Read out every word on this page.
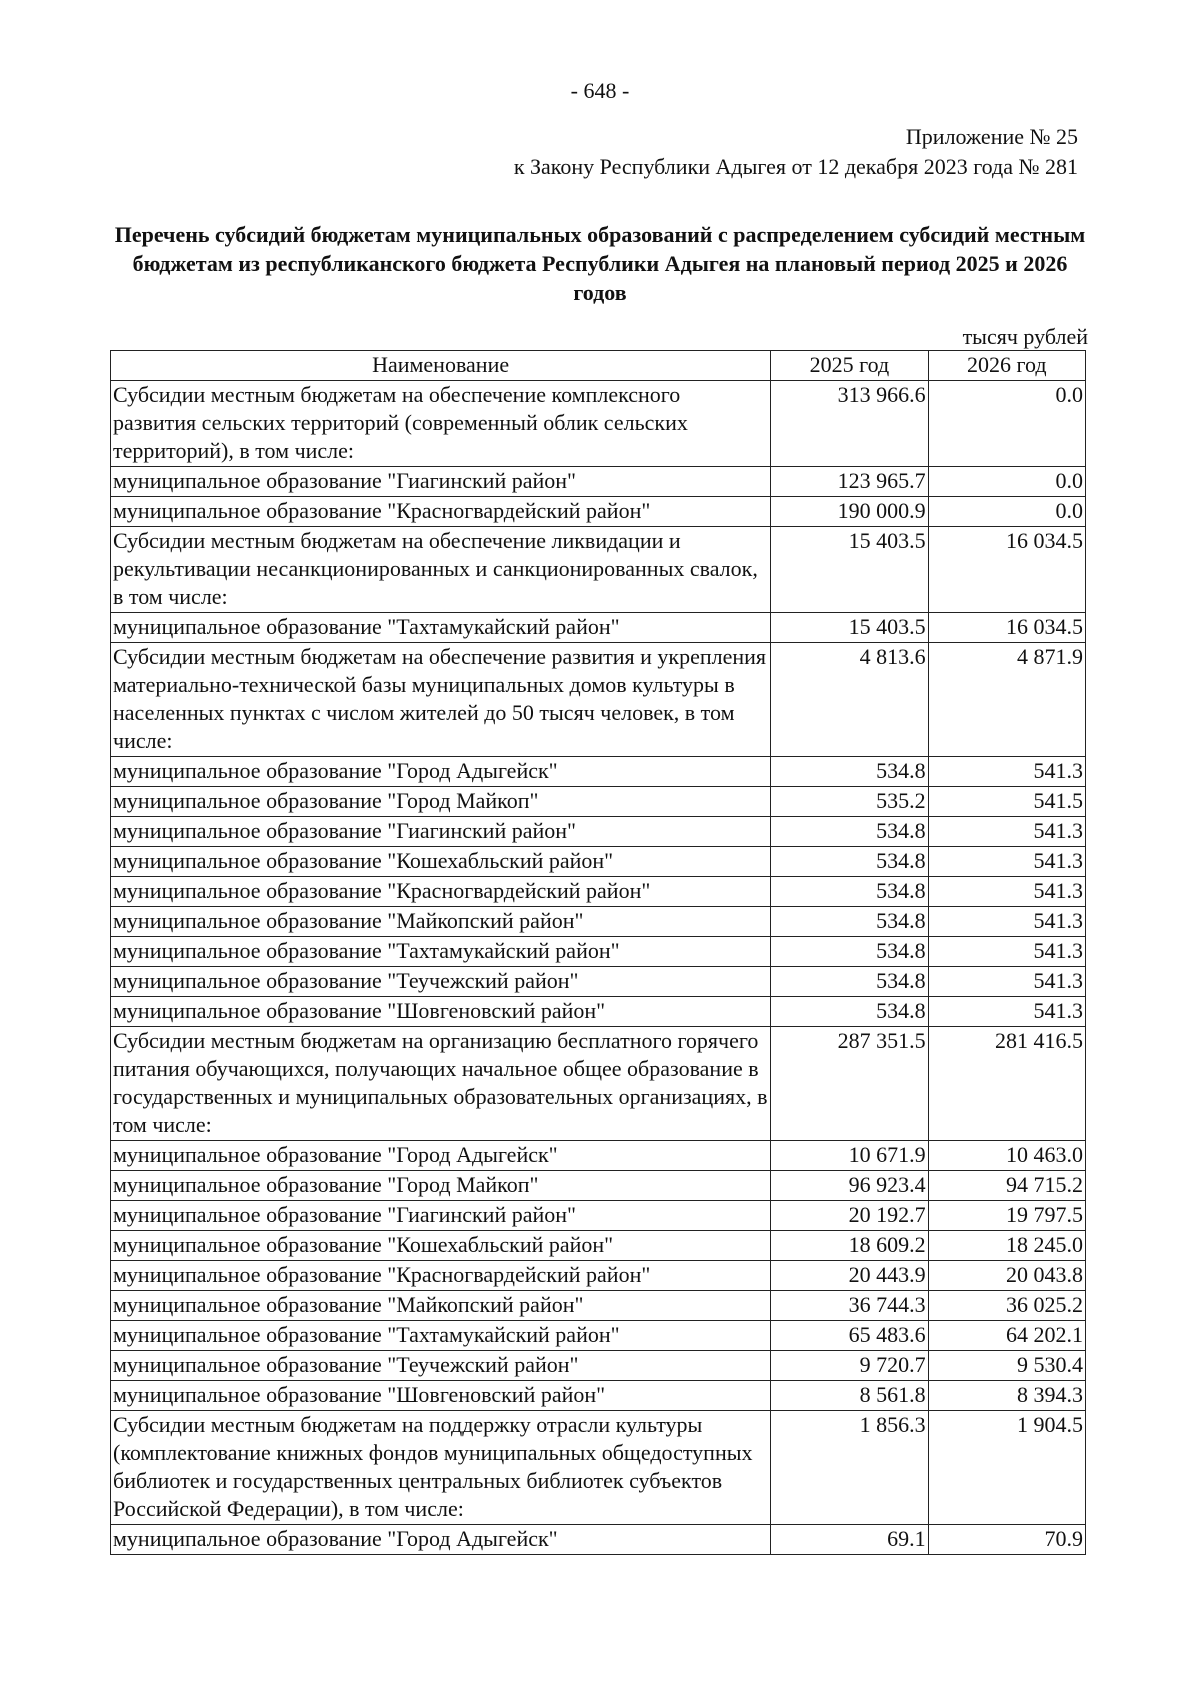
- 648 -
Приложение № 25
к Закону Республики Адыгея от 12 декабря 2023 года № 281
Перечень субсидий бюджетам муниципальных образований с распределением субсидий местным бюджетам из республиканского бюджета Республики Адыгея на плановый период 2025 и 2026 годов
тысяч рублей
Наименование	2025 год	2026 год
Субсидии местным бюджетам на обеспечение комплексного развития сельских территорий (современный облик сельских территорий), в том числе:	313 966.6	0.0
муниципальное образование "Гиагинский район"	123 965.7	0.0
муниципальное образование "Красногвардейский район"	190 000.9	0.0
Субсидии местным бюджетам на обеспечение ликвидации и рекультивации несанкционированных и санкционированных свалок, в том числе:	15 403.5	16 034.5
муниципальное образование "Тахтамукайский район"	15 403.5	16 034.5
Субсидии местным бюджетам на обеспечение развития и укрепления материально-технической базы муниципальных домов культуры в населенных пунктах с числом жителей до 50 тысяч человек, в том числе:	4 813.6	4 871.9
муниципальное образование "Город Адыгейск"	534.8	541.3
муниципальное образование "Город Майкоп"	535.2	541.5
муниципальное образование "Гиагинский район"	534.8	541.3
муниципальное образование "Кошехабльский район"	534.8	541.3
муниципальное образование "Красногвардейский район"	534.8	541.3
муниципальное образование "Майкопский район"	534.8	541.3
муниципальное образование "Тахтамукайский район"	534.8	541.3
муниципальное образование "Теучежский район"	534.8	541.3
муниципальное образование "Шовгеновский район"	534.8	541.3
Субсидии местным бюджетам на организацию бесплатного горячего питания обучающихся, получающих начальное общее образование в государственных и муниципальных образовательных организациях, в том числе:	287 351.5	281 416.5
муниципальное образование "Город Адыгейск"	10 671.9	10 463.0
муниципальное образование "Город Майкоп"	96 923.4	94 715.2
муниципальное образование "Гиагинский район"	20 192.7	19 797.5
муниципальное образование "Кошехабльский район"	18 609.2	18 245.0
муниципальное образование "Красногвардейский район"	20 443.9	20 043.8
муниципальное образование "Майкопский район"	36 744.3	36 025.2
муниципальное образование "Тахтамукайский район"	65 483.6	64 202.1
муниципальное образование "Теучежский район"	9 720.7	9 530.4
муниципальное образование "Шовгеновский район"	8 561.8	8 394.3
Субсидии местным бюджетам на поддержку отрасли культуры (комплектование книжных фондов муниципальных общедоступных библиотек и государственных центральных библиотек субъектов Российской Федерации), в том числе:	1 856.3	1 904.5
муниципальное образование "Город Адыгейск"	69.1	70.9
